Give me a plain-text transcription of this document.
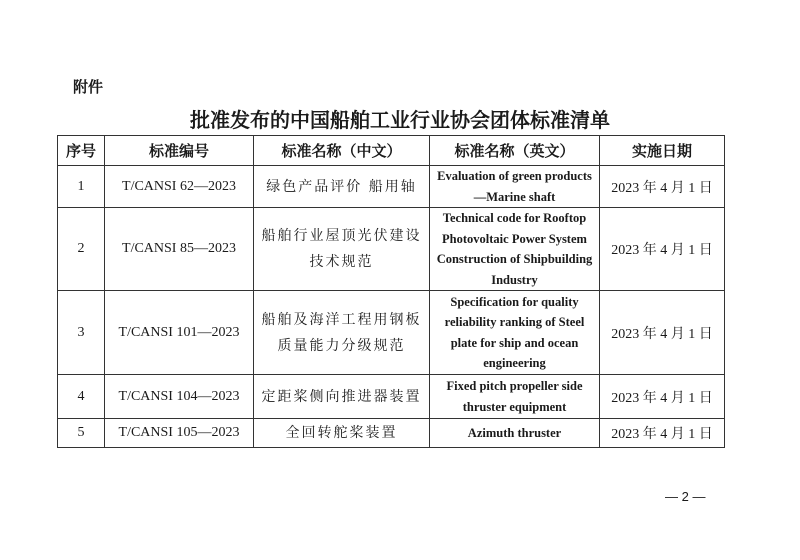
附件
批准发布的中国船舶工业行业协会团体标准清单
序号	标准编号	标准名称（中文）	标准名称（英文）	实施日期
1	T/CANSI 62—2023	绿色产品评价 船用轴	Evaluation of green products—Marine shaft	2023 年 4 月 1 日
2	T/CANSI 85—2023	船舶行业屋顶光伏建设技术规范	Technical code for Rooftop Photovoltaic Power System Construction of Shipbuilding Industry	2023 年 4 月 1 日
3	T/CANSI 101—2023	船舶及海洋工程用钢板质量能力分级规范	Specification for quality reliability ranking of Steel plate for ship and ocean engineering	2023 年 4 月 1 日
4	T/CANSI 104—2023	定距桨侧向推进器装置	Fixed pitch propeller side thruster equipment	2023 年 4 月 1 日
5	T/CANSI 105—2023	全回转舵桨装置	Azimuth thruster	2023 年 4 月 1 日
— 2 —
